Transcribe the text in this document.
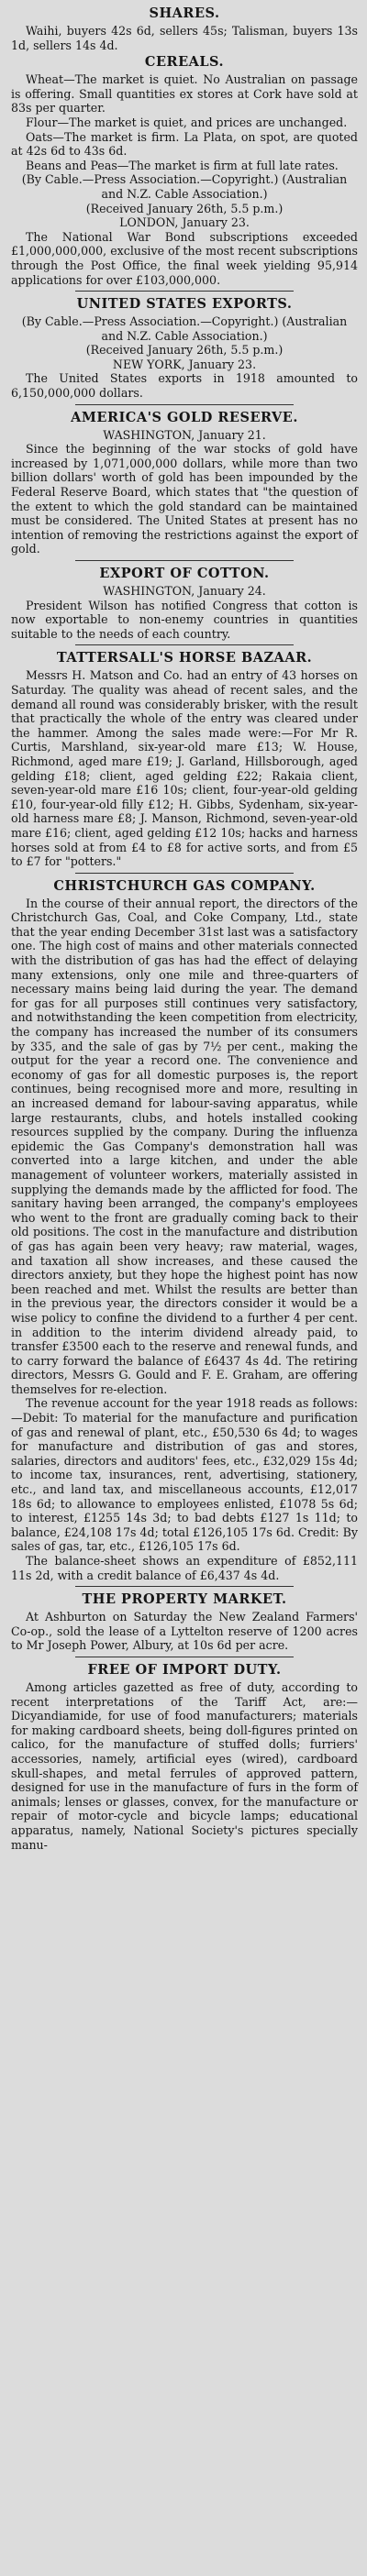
SHARES.

Waihi, buyers 42s 6d, sellers 45s; Talisman, buyers 13s 1d, sellers 14s 4d.

CEREALS.

Wheat—The market is quiet. No Australian on passage is offering. Small quantities ex stores at Cork have sold at 83s per quarter.

Flour—The market is quiet, and prices are unchanged.

Oats—The market is firm. La Plata, on spot, are quoted at 42s 6d to 43s 6d.

Beans and Peas—The market is firm at full late rates.

(By Cable.—Press Association.—Copyright.) (Australian and N.Z. Cable Association.)

(Received January 26th, 5.5 p.m.)

LONDON, January 23.

The National War Bond subscriptions exceeded £1,000,000,000, exclusive of the most recent subscriptions through the Post Office, the final week yielding 95,914 applications for over £103,000,000.

UNITED STATES EXPORTS.

(By Cable.—Press Association.—Copyright.) (Australian and N.Z. Cable Association.)

(Received January 26th, 5.5 p.m.)

NEW YORK, January 23.

The United States exports in 1918 amounted to 6,150,000,000 dollars.

AMERICA'S GOLD RESERVE.

WASHINGTON, January 21.

Since the beginning of the war stocks of gold have increased by 1,071,000,000 dollars, while more than two billion dollars' worth of gold has been impounded by the Federal Reserve Board, which states that "the question of the extent to which the gold standard can be maintained must be considered. The United States at present has no intention of removing the restrictions against the export of gold.

EXPORT OF COTTON.

WASHINGTON, January 24.

President Wilson has notified Congress that cotton is now exportable to non-enemy countries in quantities suitable to the needs of each country.

TATTERSALL'S HORSE BAZAAR.

Messrs H. Matson and Co. had an entry of 43 horses on Saturday. The quality was ahead of recent sales, and the demand all round was considerably brisker, with the result that practically the whole of the entry was cleared under the hammer. Among the sales made were:—For Mr R. Curtis, Marshland, six-year-old mare £13; W. House, Richmond, aged mare £19; J. Garland, Hillsborough, aged gelding £18; client, aged gelding £22; Rakaia client, seven-year-old mare £16 10s; client, four-year-old gelding £10, four-year-old filly £12; H. Gibbs, Sydenham, six-year-old harness mare £8; J. Manson, Richmond, seven-year-old mare £16; client, aged gelding £12 10s; hacks and harness horses sold at from £4 to £8 for active sorts, and from £5 to £7 for "potters."

CHRISTCHURCH GAS COMPANY.

In the course of their annual report, the directors of the Christchurch Gas, Coal, and Coke Company, Ltd., state that the year ending December 31st last was a satisfactory one. The high cost of mains and other materials connected with the distribution of gas has had the effect of delaying many extensions, only one mile and three-quarters of necessary mains being laid during the year. The demand for gas for all purposes still continues very satisfactory, and notwithstanding the keen competition from electricity, the company has increased the number of its consumers by 335, and the sale of gas by 7½ per cent., making the output for the year a record one. The convenience and economy of gas for all domestic purposes is, the report continues, being recognised more and more, resulting in an increased demand for labour-saving apparatus, while large restaurants, clubs, and hotels installed cooking resources supplied by the company. During the influenza epidemic the Gas Company's demonstration hall was converted into a large kitchen, and under the able management of volunteer workers, materially assisted in supplying the demands made by the afflicted for food. The sanitary having been arranged, the company's employees who went to the front are gradually coming back to their old positions. The cost in the manufacture and distribution of gas has again been very heavy; raw material, wages, and taxation all show increases, and these caused the directors anxiety, but they hope the highest point has now been reached and met. Whilst the results are better than in the previous year, the directors consider it would be a wise policy to confine the dividend to a further 4 per cent. in addition to the interim dividend already paid, to transfer £3500 each to the reserve and renewal funds, and to carry forward the balance of £6437 4s 4d. The retiring directors, Messrs G. Gould and F. E. Graham, are offering themselves for re-election.

The revenue account for the year 1918 reads as follows:—Debit: To material for the manufacture and purification of gas and renewal of plant, etc., £50,530 6s 4d; to wages for manufacture and distribution of gas and stores, salaries, directors and auditors' fees, etc., £32,029 15s 4d; to income tax, insurances, rent, advertising, stationery, etc., and land tax, and miscellaneous accounts, £12,017 18s 6d; to allowance to employees enlisted, £1078 5s 6d; to interest, £1255 14s 3d; to bad debts £127 1s 11d; to balance, £24,108 17s 4d; total £126,105 17s 6d. Credit: By sales of gas, tar, etc., £126,105 17s 6d.

The balance-sheet shows an expenditure of £852,111 11s 2d, with a credit balance of £6,437 4s 4d.

THE PROPERTY MARKET.

At Ashburton on Saturday the New Zealand Farmers' Co-op., sold the lease of a Lyttelton reserve of 1200 acres to Mr Joseph Power, Albury, at 10s 6d per acre.

FREE OF IMPORT DUTY.

Among articles gazetted as free of duty, according to recent interpretations of the Tariff Act, are:—Dicyandiamide, for use of food manufacturers; materials for making cardboard sheets, being doll-figures printed on calico, for the manufacture of stuffed dolls; furriers' accessories, namely, artificial eyes (wired), cardboard skull-shapes, and metal ferrules of approved pattern, designed for use in the manufacture of furs in the form of animals; lenses or glasses, convex, for the manufacture or repair of motor-cycle and bicycle lamps; educational apparatus, namely, National Society's pictures specially manu-
